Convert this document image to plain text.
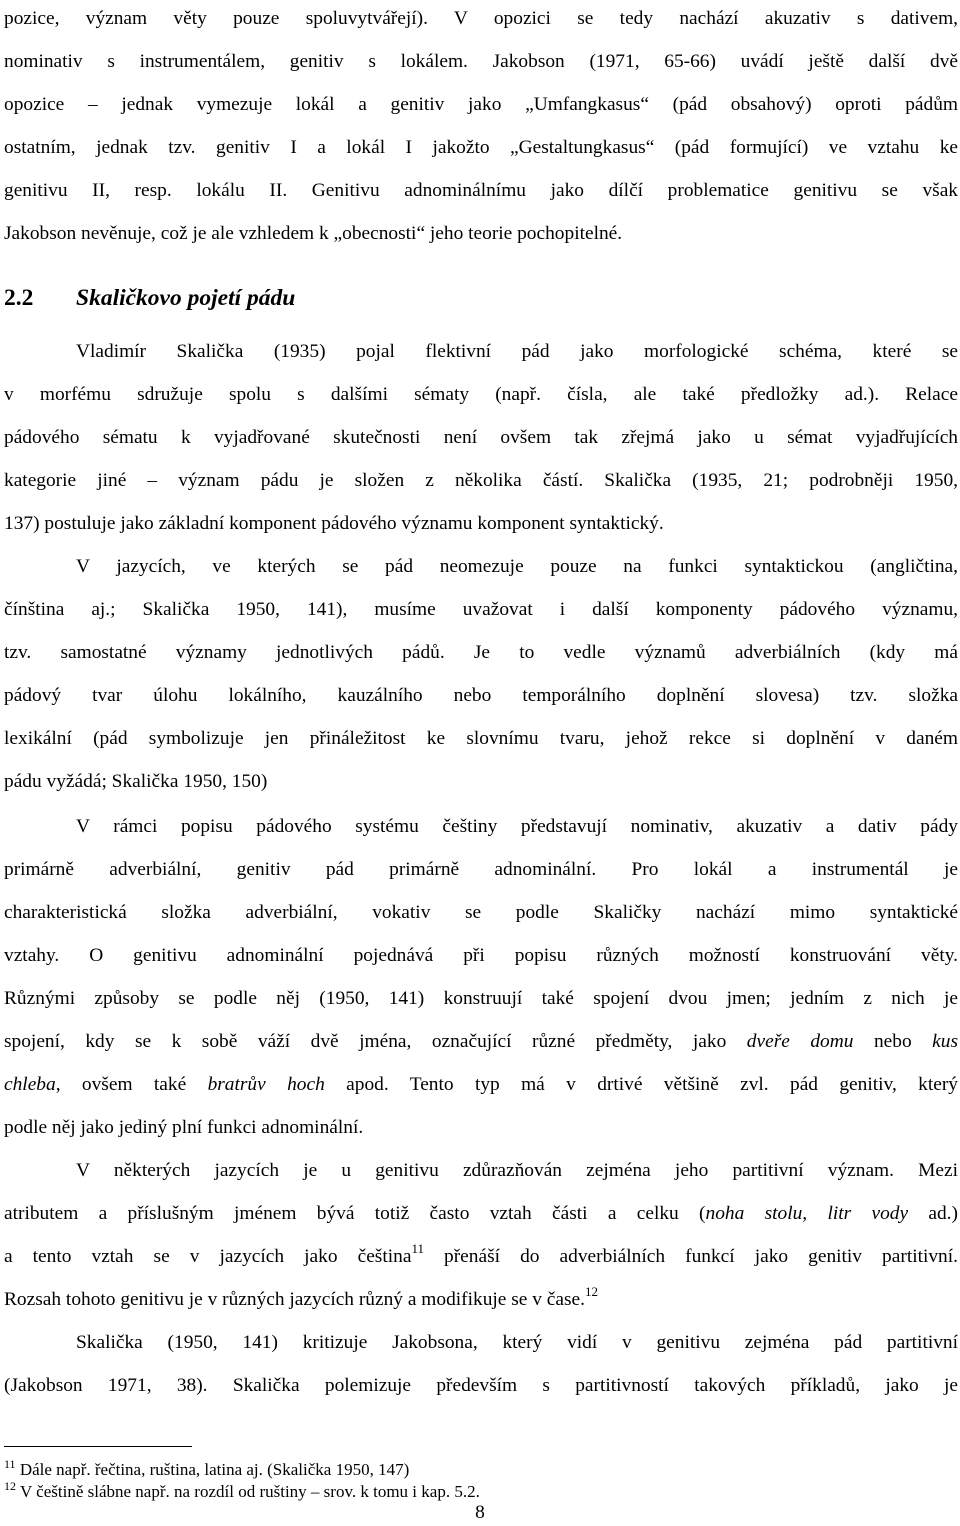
pozice, význam věty pouze spoluvytvářejí). V opozici se tedy nachází akuzativ s dativem,
nominativ s instrumentálem, genitiv s lokálem. Jakobson (1971, 65-66) uvádí ještě další dvě
opozice – jednak vymezuje lokál a genitiv jako „Umfangkasus“ (pád obsahový) oproti pádům
ostatním, jednak tzv. genitiv I a lokál I jakožto „Gestaltungkasus“ (pád formující) ve vztahu ke
genitivu II, resp. lokálu II. Genitivu adnominálnímu jako dílčí problematice genitivu se však
Jakobson nevěnuje, což je ale vzhledem k „obecnosti“ jeho teorie pochopitelné.
2.2 Skaličkovo pojetí pádu
Vladimír Skalička (1935) pojal flektivní pád jako morfologické schéma, které se
v morfému sdružuje spolu s dalšími sématy (např. čísla, ale také předložky ad.). Relace
pádového sématu k vyjadřované skutečnosti není ovšem tak zřejmá jako u sémat vyjadřujících
kategorie jiné – význam pádu je složen z několika částí. Skalička (1935, 21; podrobněji 1950,
137) postuluje jako základní komponent pádového významu komponent syntaktický.
V jazycích, ve kterých se pád neomezuje pouze na funkci syntaktickou (angličtina,
čínština aj.; Skalička 1950, 141), musíme uvažovat i další komponenty pádového významu,
tzv. samostatné významy jednotlivých pádů. Je to vedle významů adverbiálních (kdy má
pádový tvar úlohu lokálního, kauzálního nebo temporálního doplnění slovesa) tzv. složka
lexikální (pád symbolizuje jen přináležitost ke slovnímu tvaru, jehož rekce si doplnění v daném
pádu vyžádá; Skalička 1950, 150)
V rámci popisu pádového systému češtiny představují nominativ, akuzativ a dativ pády
primárně adverbiální, genitiv pád primárně adnominální. Pro lokál a instrumentál je
charakteristická složka adverbiální, vokativ se podle Skaličky nachází mimo syntaktické
vztahy. O genitivu adnominální pojednává při popisu různých možností konstruování věty.
Různými způsoby se podle něj (1950, 141) konstruují také spojení dvou jmen; jedním z nich je
spojení, kdy se k sobě váží dvě jména, označující různé předměty, jako dveře domu nebo kus
chleba, ovšem také bratrův hoch apod. Tento typ má v drtivé většině zvl. pád genitiv, který
podle něj jako jediný plní funkci adnominální.
V některých jazycích je u genitivu zdůrazňován zejména jeho partitivní význam. Mezi
atributem a příslušným jménem bývá totiž často vztah části a celku (noha stolu, litr vody ad.)
a tento vztah se v jazycích jako čeština$^{11}$ přenáší do adverbiálních funkcí jako genitiv partitivní.
Rozsah tohoto genitivu je v různých jazycích různý a modifikuje se v čase.$^{12}$
Skalička (1950, 141) kritizuje Jakobsona, který vidí v genitivu zejména pád partitivní
(Jakobson 1971, 38). Skalička polemizuje především s partitivností takových příkladů, jako je
$^{11}$ Dále např. řečtina, ruština, latina aj. (Skalička 1950, 147)
$^{12}$ V češtině slábne např. na rozdíl od ruštiny – srov. k tomu i kap. 5.2.
8
